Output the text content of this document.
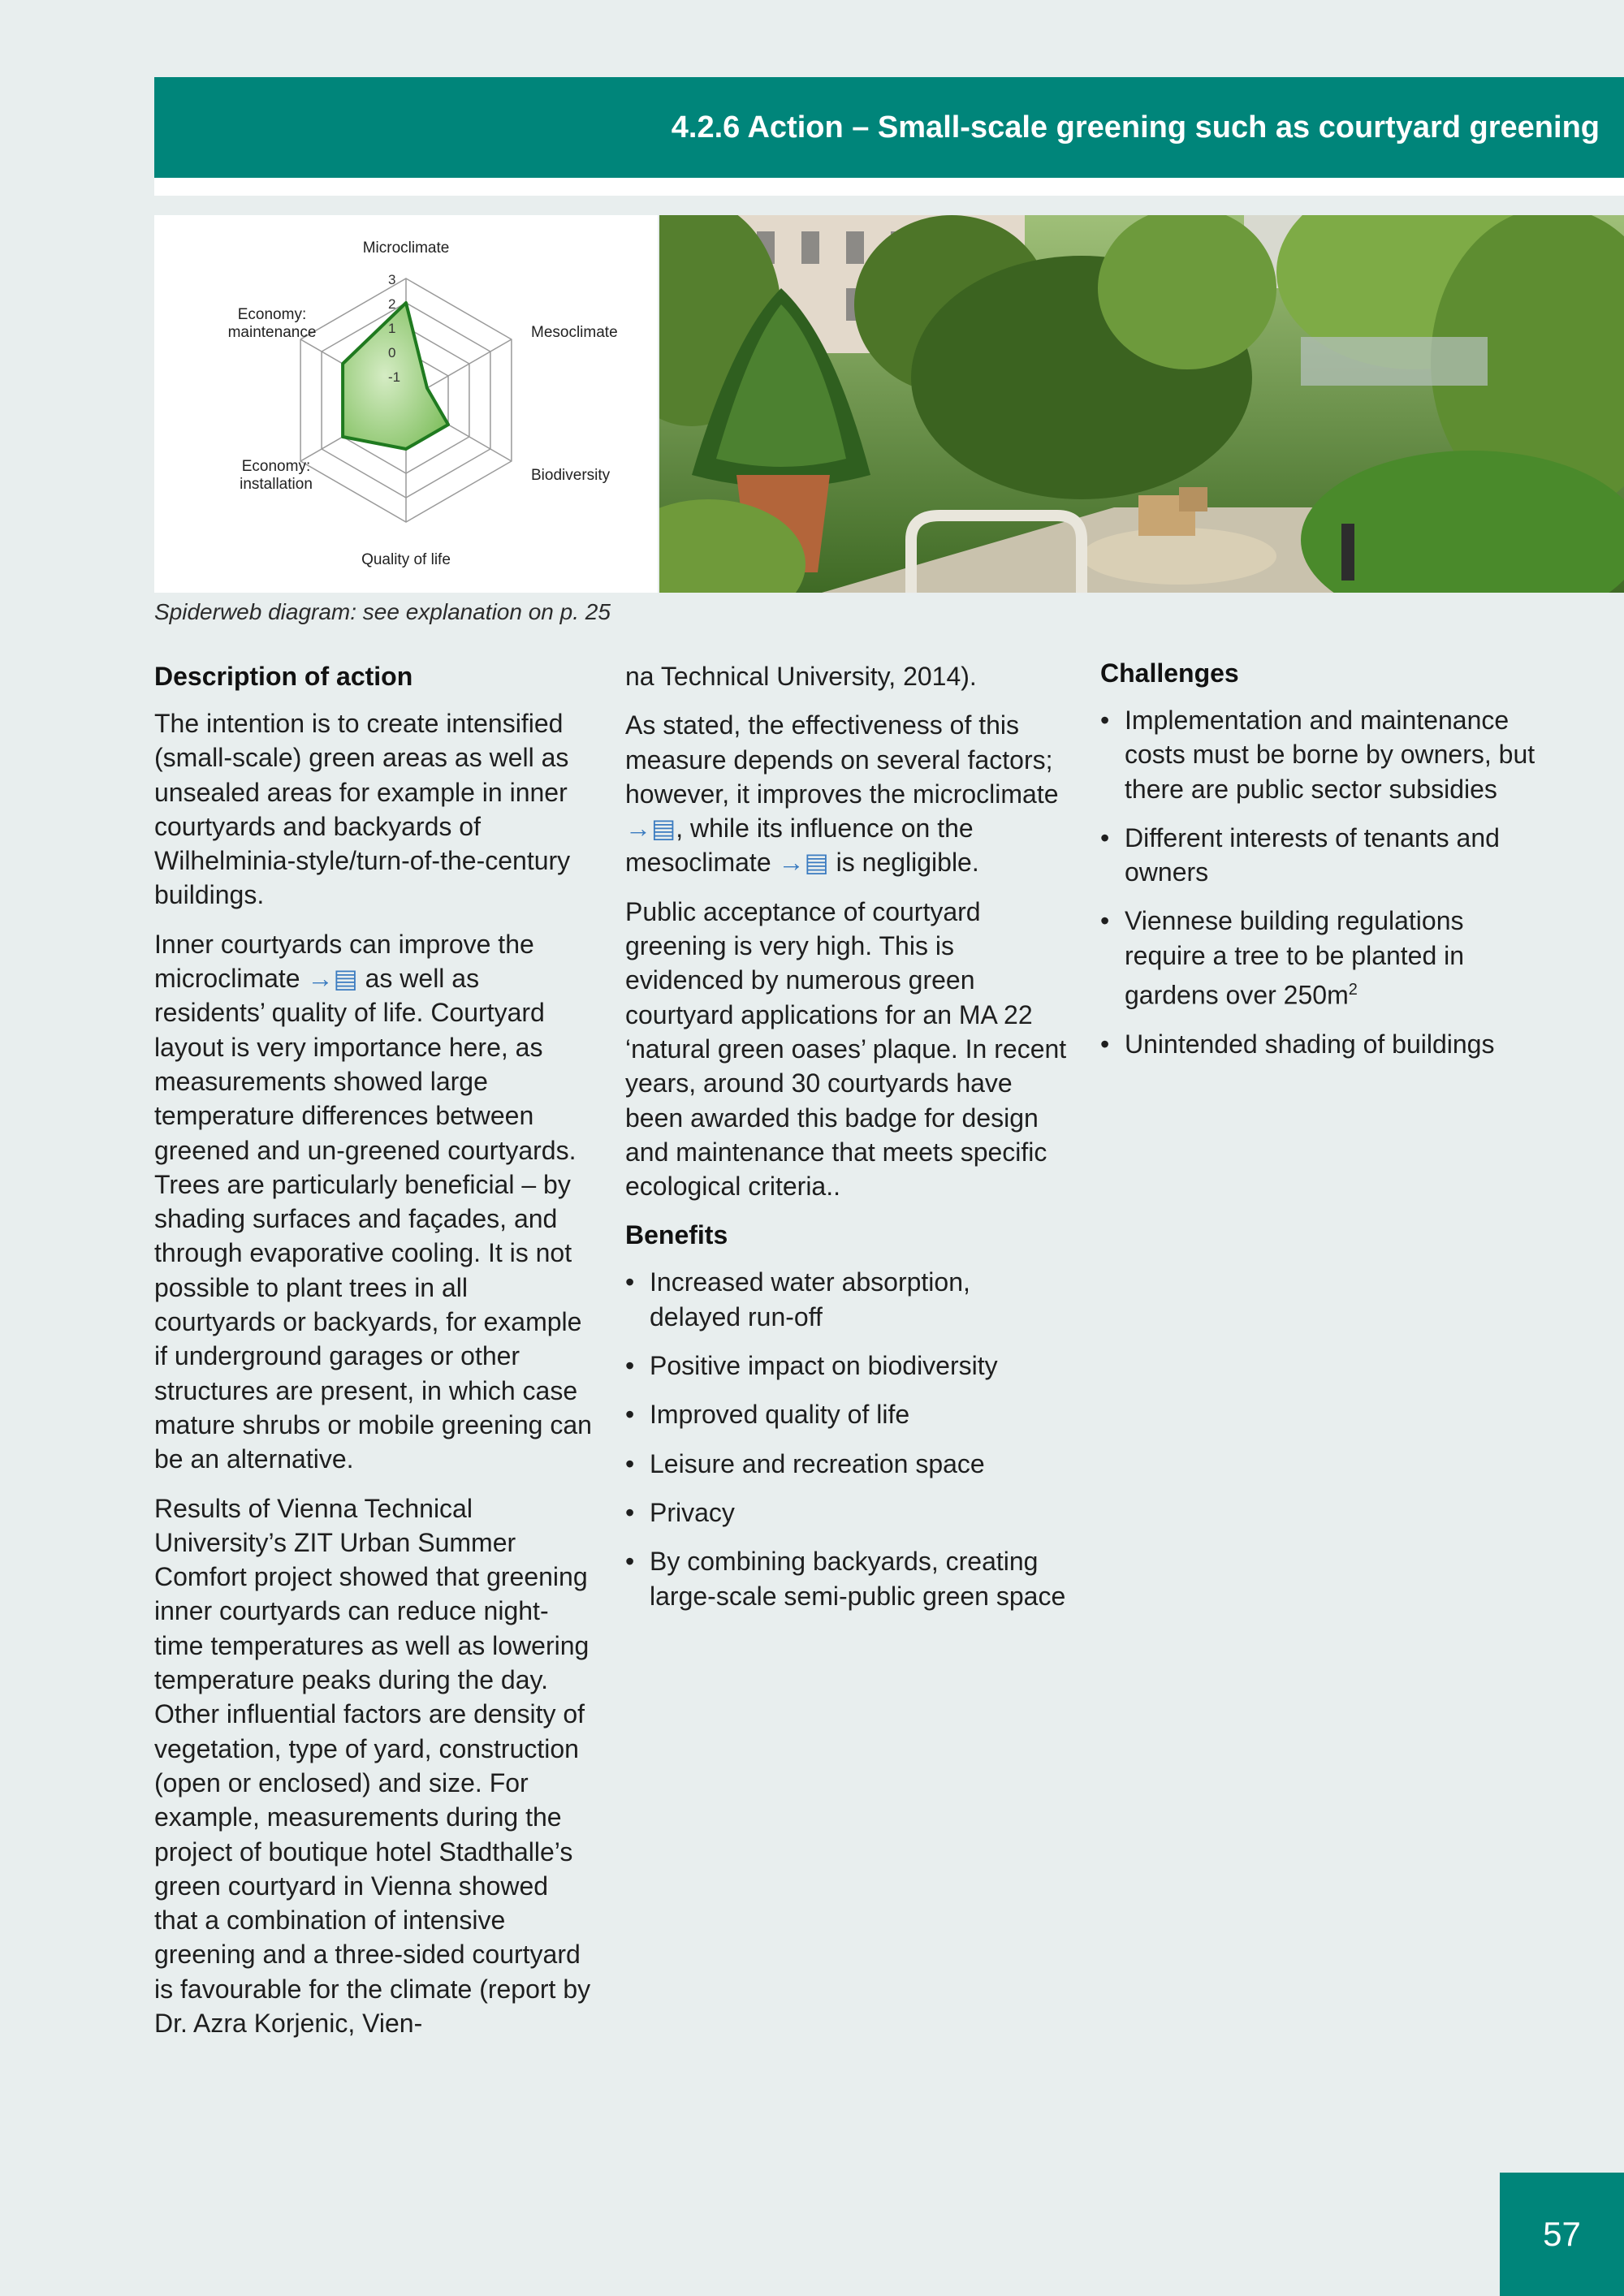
4.2.6 Action – Small-scale greening such as courtyard greening
3
2
1
0
-1
Microclimate
Mesoclimate
Biodiversity
Quality of life
Economy: installation
Economy: maintenance
Spiderweb diagram: see explanation on p. 25
Description of action

The intention is to create intensified (small-scale) green areas as well as unsealed areas for example in inner courtyards and backyards of Wilhelminia-style/turn-of-the-century buildings.

Inner courtyards can improve the microclimate →▤ as well as residents’ quality of life. Courtyard layout is very importance here, as measurements showed large temperature differences between greened and un-greened courtyards. Trees are particularly beneficial – by shading surfaces and façades, and through evaporative cooling. It is not possible to plant trees in all courtyards or backyards, for example if underground garages or other structures are present, in which case mature shrubs or mobile greening can be an alternative.

Results of Vienna Technical University’s ZIT Urban Summer Comfort project showed that greening inner courtyards can reduce night-time temperatures as well as lowering temperature peaks during the day. Other influential factors are density of vegetation, type of yard, construction (open or enclosed) and size. For example, measurements during the project of boutique hotel Stadthalle’s green courtyard in Vienna showed that a combination of intensive greening and a three-sided courtyard is favourable for the climate (report by Dr. Azra Korjenic, Vien-

na Technical University, 2014).

As stated, the effectiveness of this measure depends on several factors; however, it improves the microclimate →▤, while its influence on the mesoclimate →▤ is negligible.

Public acceptance of courtyard greening is very high. This is evidenced by numerous green courtyard applications for an MA 22 ‘natural green oases’ plaque. In recent years, around 30 courtyards have been awarded this badge for design and maintenance that meets specific ecological criteria..

Benefits
• Increased water absorption, delayed run-off
• Positive impact on biodiversity
• Improved quality of life
• Leisure and recreation space
• Privacy
• By combining backyards, creating large-scale semi-public green space
Challenges
• Implementation and maintenance costs must be borne by owners, but there are public sector subsidies
• Different interests of tenants and owners
• Viennese building regulations require a tree to be planted in gardens over $250m^2$
• Unintended shading of buildings
57
